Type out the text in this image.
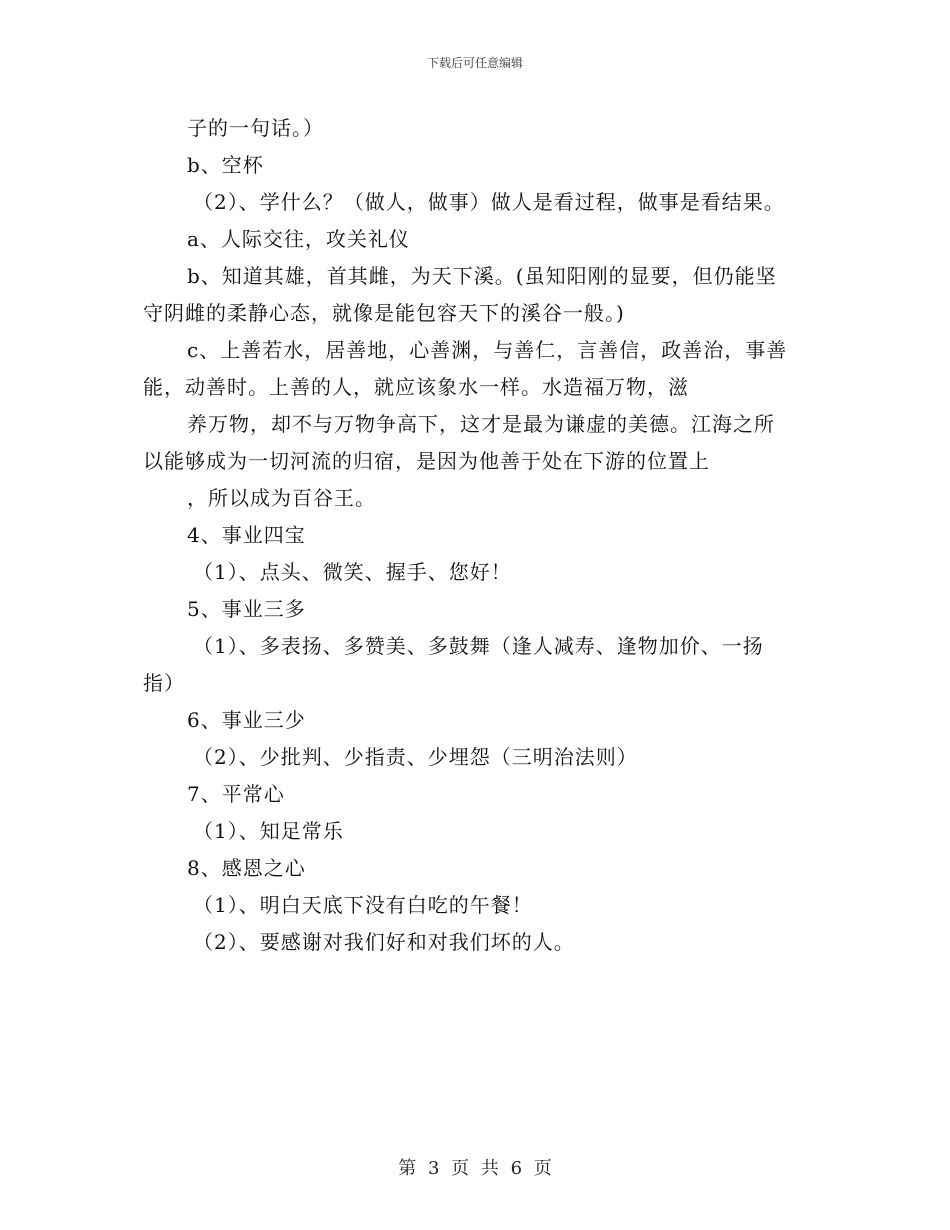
下载后可任意编辑
子的一句话。）
b、空杯
（2）、学什么？（做人，做事）做人是看过程，做事是看结果。
a、人际交往，攻关礼仪
b、知道其雄，首其雌，为天下溪。(虽知阳刚的显要，但仍能坚
守阴雌的柔静心态，就像是能包容天下的溪谷一般。)
c、上善若水，居善地，心善渊，与善仁，言善信，政善治，事善
能，动善时。上善的人，就应该象水一样。水造福万物，滋
养万物，却不与万物争高下，这才是最为谦虚的美德。江海之所
以能够成为一切河流的归宿，是因为他善于处在下游的位置上
，所以成为百谷王。
4、事业四宝
（1）、点头、微笑、握手、您好！
5、事业三多
（1）、多表扬、多赞美、多鼓舞（逢人减寿、逢物加价、一扬
指）
6、事业三少
（2）、少批判、少指责、少埋怨（三明治法则）
7、平常心
（1）、知足常乐
8、感恩之心
（1）、明白天底下没有白吃的午餐！
（2）、要感谢对我们好和对我们坏的人。
第 3 页 共 6 页
